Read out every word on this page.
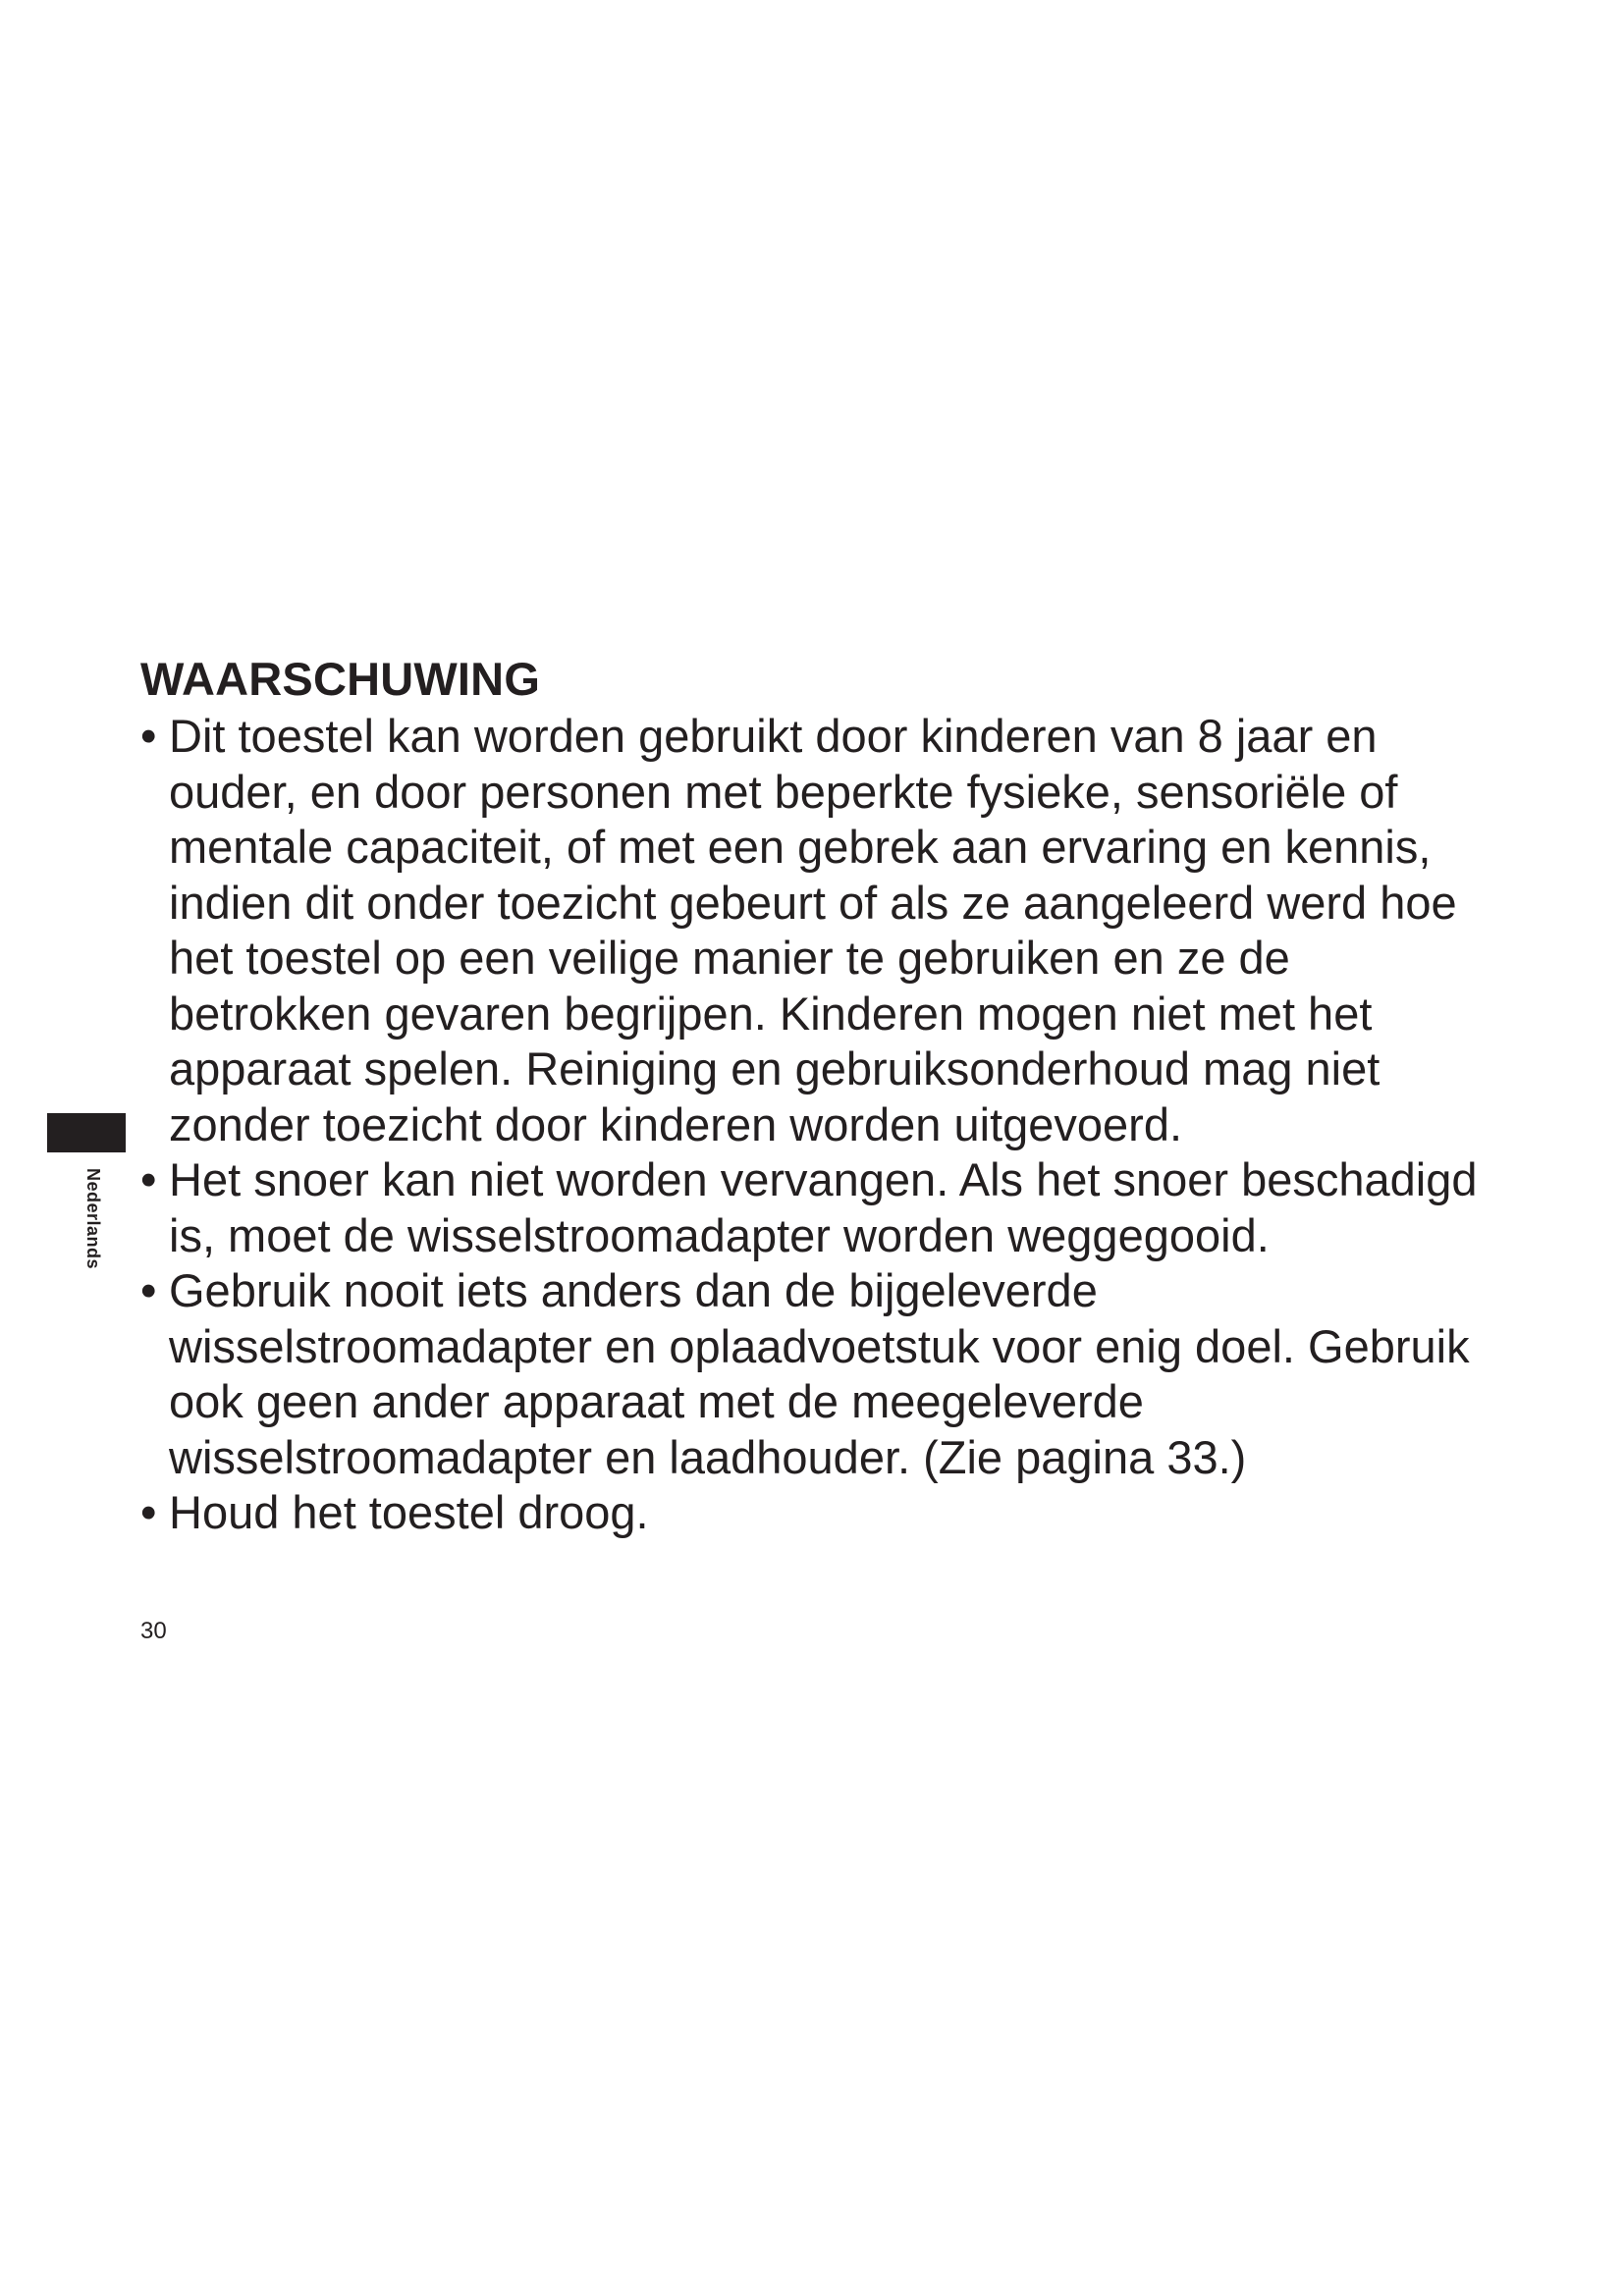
Nederlands
WAARSCHUWING
• Dit toestel kan worden gebruikt door kinderen van 8 jaar en ouder, en door personen met beperkte fysieke, sensoriële of mentale capaciteit, of met een gebrek aan ervaring en kennis, indien dit onder toezicht gebeurt of als ze aangeleerd werd hoe het toestel op een veilige manier te gebruiken en ze de betrokken gevaren begrijpen. Kinderen mogen niet met het apparaat spelen. Reiniging en gebruiksonderhoud mag niet zonder toezicht door kinderen worden uitgevoerd.
• Het snoer kan niet worden vervangen. Als het snoer beschadigd is, moet de wisselstroomadapter worden weggegooid.
• Gebruik nooit iets anders dan de bijgeleverde wisselstroomadapter en oplaadvoetstuk voor enig doel. Gebruik ook geen ander apparaat met de meegeleverde wisselstroomadapter en laadhouder. (Zie pagina 33.)
• Houd het toestel droog.
30
